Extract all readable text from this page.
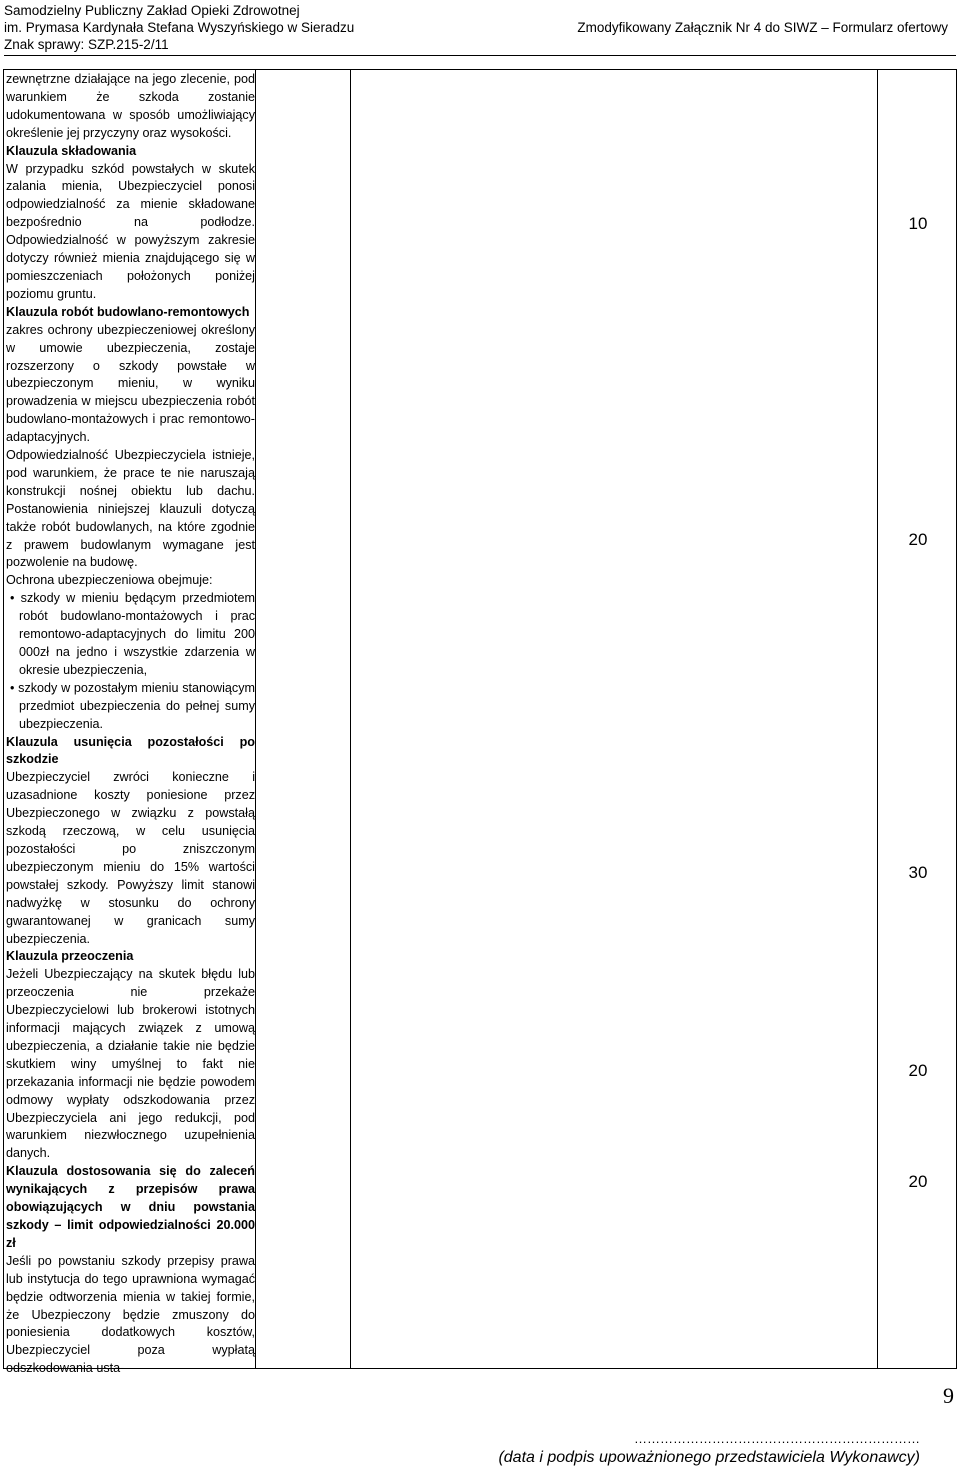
Samodzielny Publiczny Zakład Opieki Zdrowotnej
im. Prymasa Kardynała Stefana Wyszyńskiego w Sieradzu
Znak sprawy: SZP.215-2/11
Zmodyfikowany Załącznik Nr 4 do SIWZ – Formularz ofertowy

zewnętrzne działające na jego zlecenie, pod warunkiem że szkoda zostanie udokumentowana w sposób umożliwiający określenie jej przyczyny oraz wysokości.

Klauzula składowania

W przypadku szkód powstałych w skutek zalania mienia, Ubezpieczyciel ponosi odpowiedzialność za mienie składowane bezpośrednio na podłodze. Odpowiedzialność w powyższym zakresie dotyczy również mienia znajdującego się w pomieszczeniach położonych poniżej poziomu gruntu.

Klauzula robót budowlano-remontowych

zakres ochrony ubezpieczeniowej określony w umowie ubezpieczenia, zostaje rozszerzony o szkody powstałe w ubezpieczonym mieniu, w wyniku prowadzenia w miejscu ubezpieczenia robót budowlano-montażowych i prac remontowo-adaptacyjnych.

Odpowiedzialność Ubezpieczyciela istnieje, pod warunkiem, że prace te nie naruszają konstrukcji nośnej obiektu lub dachu. Postanowienia niniejszej klauzuli dotyczą także robót budowlanych, na które zgodnie z prawem budowlanym wymagane jest pozwolenie na budowę.

Ochrona ubezpieczeniowa obejmuje:

• szkody w mieniu będącym przedmiotem robót budowlano-montażowych i prac remontowo-adaptacyjnych do limitu 200 000zł na jedno i wszystkie zdarzenia w okresie ubezpieczenia,

• szkody w pozostałym mieniu stanowiącym przedmiot ubezpieczenia do pełnej sumy ubezpieczenia.

Klauzula usunięcia pozostałości po szkodzie

Ubezpieczyciel zwróci konieczne i uzasadnione koszty poniesione przez Ubezpieczonego w związku z powstałą szkodą rzeczową, w celu usunięcia pozostałości po zniszczonym ubezpieczonym mieniu do 15% wartości powstałej szkody. Powyższy limit stanowi nadwyżkę w stosunku do ochrony gwarantowanej w granicach sumy ubezpieczenia.

Klauzula przeoczenia

Jeżeli Ubezpieczający na skutek błędu lub przeoczenia nie przekaże Ubezpieczycielowi lub brokerowi istotnych informacji mających związek z umową ubezpieczenia, a działanie takie nie będzie skutkiem winy umyślnej to fakt nie przekazania informacji nie będzie powodem odmowy wypłaty odszkodowania przez Ubezpieczyciela ani jego redukcji, pod warunkiem niezwłocznego uzupełnienia danych.

Klauzula dostosowania się do zaleceń wynikających z przepisów prawa obowiązujących w dniu powstania szkody – limit odpowiedzialności 20.000 zł

Jeśli po powstaniu szkody przepisy prawa lub instytucja do tego uprawniona wymagać będzie odtworzenia mienia w takiej formie, że Ubezpieczony będzie zmuszony do poniesienia dodatkowych kosztów, Ubezpieczyciel poza wypłatą odszkodowania usta-

10
20
30
20
20
9
…………………………………………………………
(data i podpis upoważnionego przedstawiciela Wykonawcy)
